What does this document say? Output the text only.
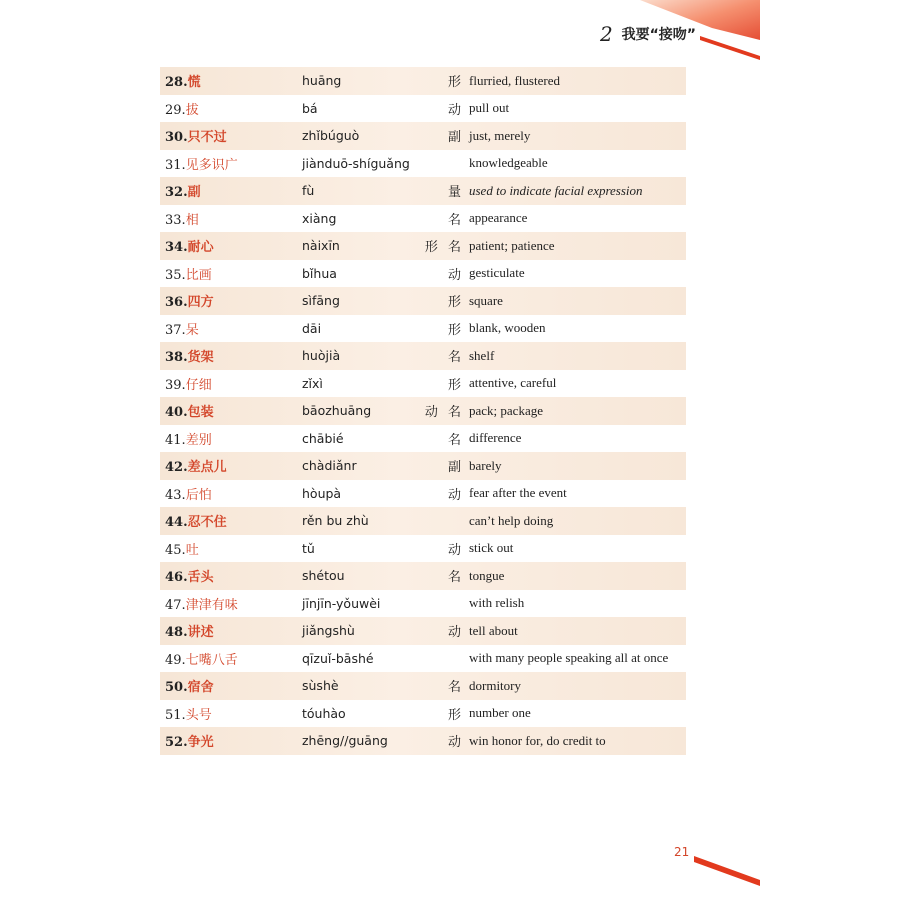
2 我要“接吻”
28.慌	huāng	形 flurried, flustered
29.拔	bá	动 pull out
30.只不过	zhǐbúguò	副 just, merely
31.见多识广	jiànduō-shíguǎng	knowledgeable
32.副	fù	量 used to indicate facial expression
33.相	xiàng	名 appearance
34.耐心	nàixīn	形 名 patient; patience
35.比画	bǐhua	动 gesticulate
36.四方	sìfāng	形 square
37.呆	dāi	形 blank, wooden
38.货架	huòjià	名 shelf
39.仔细	zǐxì	形 attentive, careful
40.包装	bāozhuāng	动 名 pack; package
41.差别	chābié	名 difference
42.差点儿	chàdiǎnr	副 barely
43.后怕	hòupà	动 fear after the event
44.忍不住	rěn bu zhù	can’t help doing
45.吐	tǔ	动 stick out
46.舌头	shétou	名 tongue
47.津津有味	jīnjīn-yǒuwèi	with relish
48.讲述	jiǎngshù	动 tell about
49.七嘴八舌	qīzuǐ-bāshé	with many people speaking all at once
50.宿舍	sùshè	名 dormitory
51.头号	tóuhào	形 number one
52.争光	zhēng//guāng	动 win honor for, do credit to
21
